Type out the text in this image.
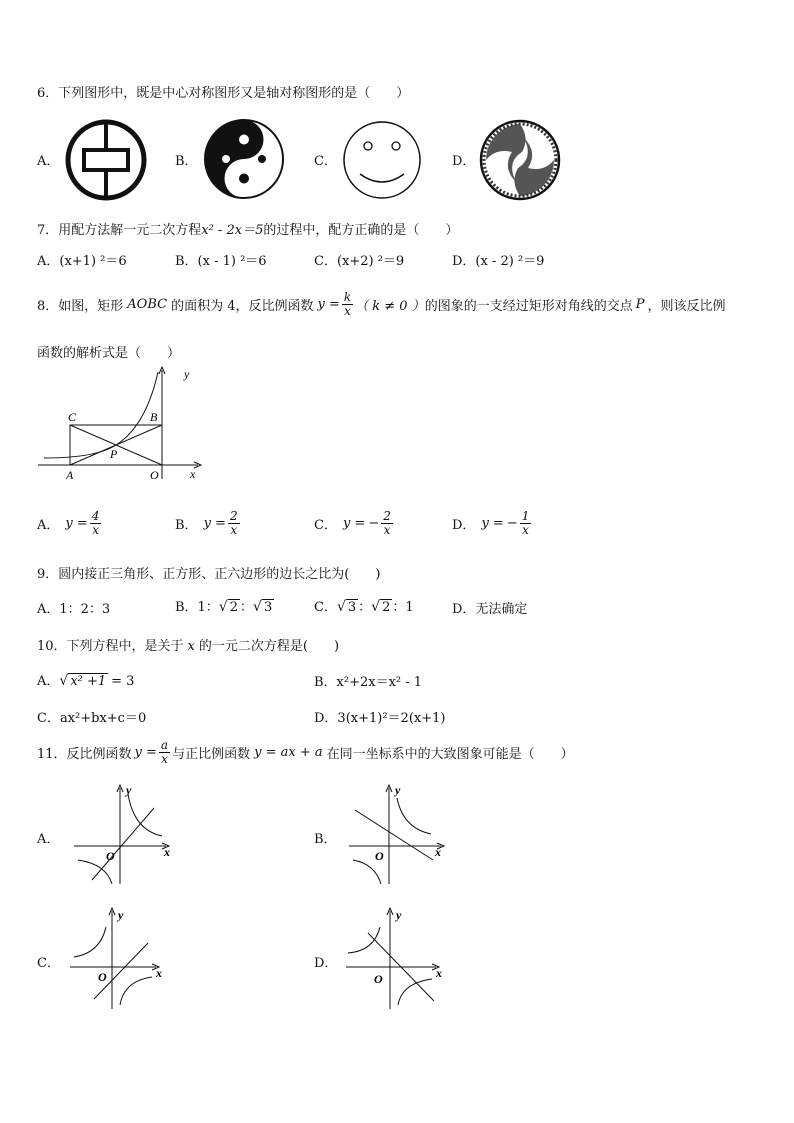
6．下列图形中，既是中心对称图形又是轴对称图形的是（　　）
A．	B．	C．	D．
7．用配方法解一元二次方程x² - 2x＝5的过程中，配方正确的是（　　）
A．(x+1) ²＝6	B．(x - 1) ²＝6	C．(x+2) ²＝9	D．(x - 2) ²＝9
8．如图，矩形 AOBC 的面积为 4，反比例函数 $y = \frac{k}{x}$ （ k ≠ 0 ） 的图象的一支经过矩形对角线的交点 P ，则该反比例
函数的解析式是（　　）
y
C	B
P
A	O	x
A． $y = \frac{4}{x}$	B． $y = \frac{2}{x}$	C． y = − $\frac{2}{x}$	D． y = − $\frac{1}{x}$
9．圆内接正三角形、正方形、正六边形的边长之比为(　　)
A．1：2：3	B．1：√ 2 ：√ 3	C．√ 3 ：√ 2 ：1	D．无法确定
10．下列方程中，是关于 x 的一元二次方程是(　　)
A．√ x² +1 = 3	B．x²+2x＝x² - 1
C．ax²+bx+c＝0	D．3(x+1)²＝2(x+1)
11．反比例函数 $y = \frac{a}{x}$ 与正比例函数 y = ax + a 在同一坐标系中的大致图象可能是（　　）
A．
y
O	x
B．
y
O	x
C．
y
O	x
D．
y
O	x
